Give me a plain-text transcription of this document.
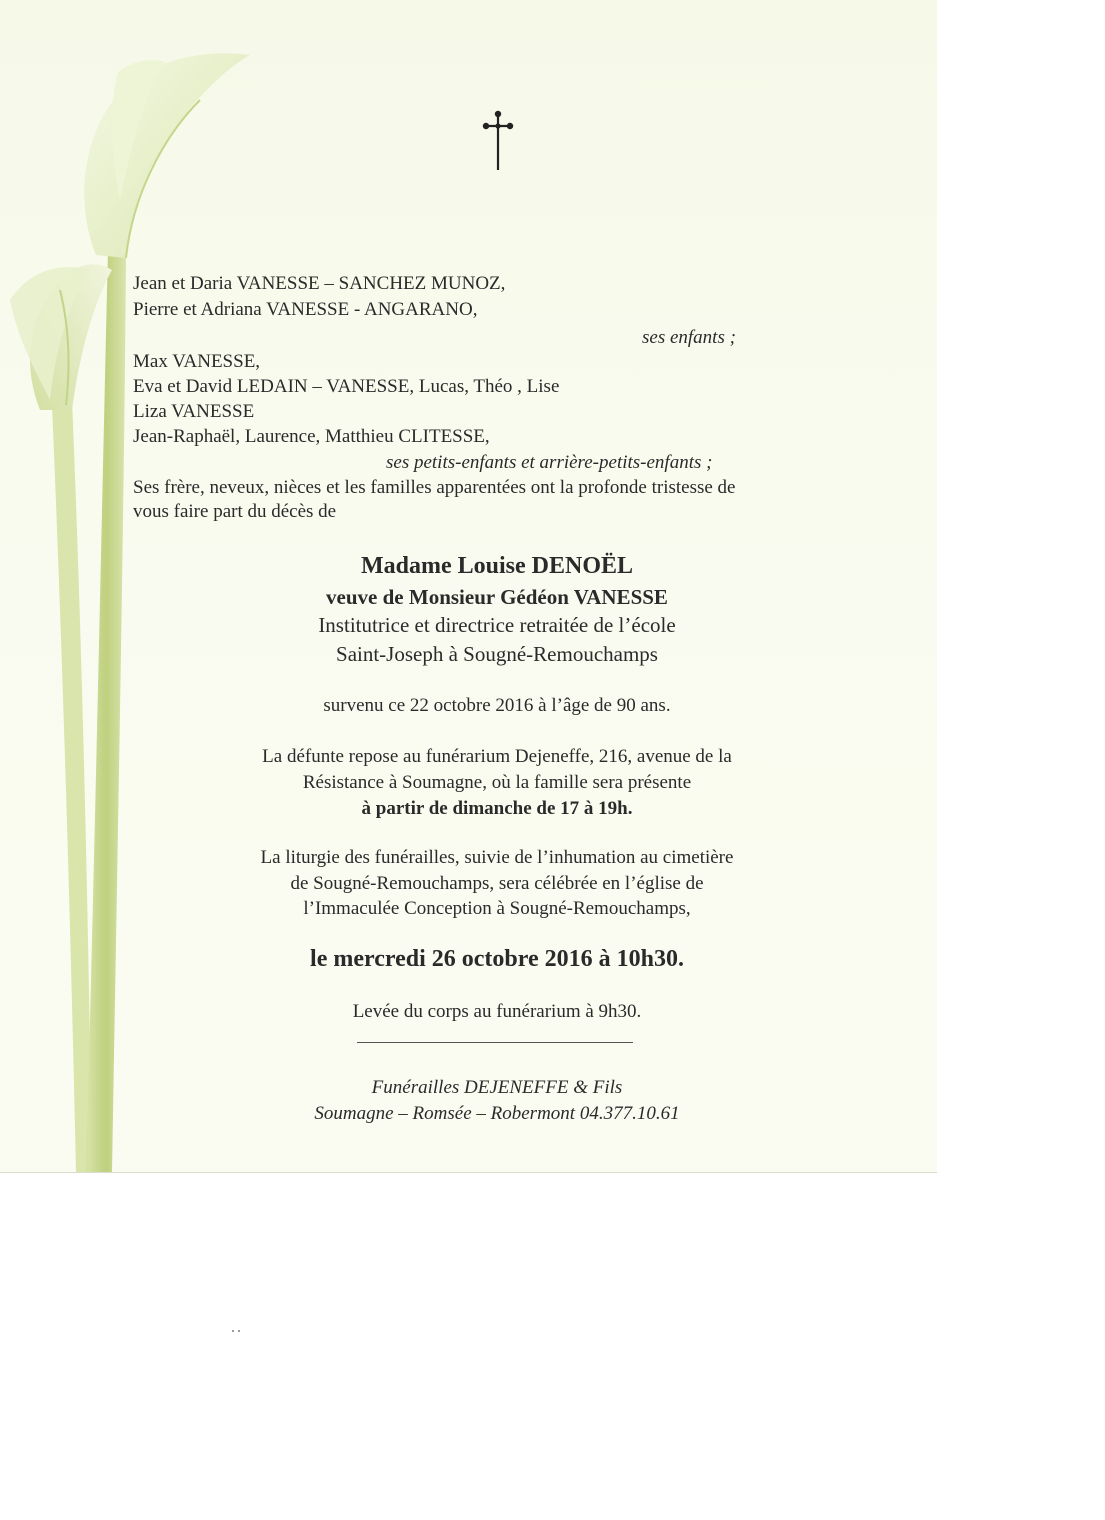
Jean et Daria VANESSE – SANCHEZ MUNOZ,
Pierre et Adriana VANESSE - ANGARANO,
ses enfants ;
Max VANESSE,
Eva et David LEDAIN – VANESSE, Lucas, Théo , Lise
Liza VANESSE
Jean-Raphaël, Laurence, Matthieu CLITESSE,
ses petits-enfants et arrière-petits-enfants ;
Ses frère, neveux, nièces et les familles apparentées ont la profonde tristesse de
vous faire part du décès de
Madame Louise DENOËL
veuve de Monsieur Gédéon VANESSE
Institutrice et directrice retraitée de l’école
Saint-Joseph à Sougné-Remouchamps
survenu ce 22 octobre 2016 à l’âge de 90 ans.
La défunte repose au funérarium Dejeneffe, 216, avenue de la
Résistance à Soumagne, où la famille sera présente
à partir de dimanche de 17 à 19h.
La liturgie des funérailles, suivie de l’inhumation au cimetière
de Sougné-Remouchamps, sera célébrée en l’église de
l’Immaculée Conception à Sougné-Remouchamps,
le mercredi 26 octobre 2016 à 10h30.
Levée du corps au funérarium à 9h30.
Funérailles DEJENEFFE & Fils
Soumagne – Romsée – Robermont 04.377.10.61
